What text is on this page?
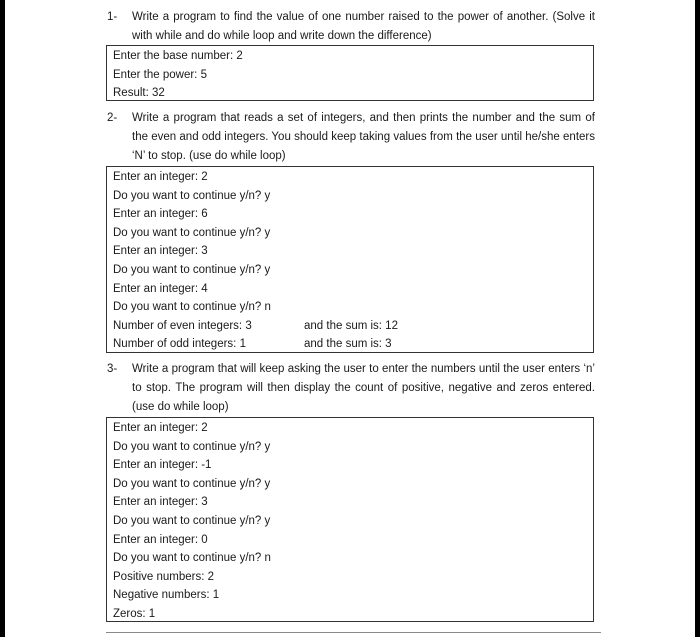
1- Write a program to find the value of one number raised to the power of another. (Solve it with while and do while loop and write down the difference)
Enter the base number: 2
Enter the power: 5
Result: 32
2- Write a program that reads a set of integers, and then prints the number and the sum of the even and odd integers. You should keep taking values from the user until he/she enters ‘N’ to stop. (use do while loop)
Enter an integer: 2
Do you want to continue y/n? y
Enter an integer: 6
Do you want to continue y/n? y
Enter an integer: 3
Do you want to continue y/n? y
Enter an integer: 4
Do you want to continue y/n? n
Number of even integers: 3	and the sum is: 12
Number of odd integers: 1	and the sum is: 3
3- Write a program that will keep asking the user to enter the numbers until the user enters ‘n’ to stop. The program will then display the count of positive, negative and zeros entered. (use do while loop)
Enter an integer: 2
Do you want to continue y/n? y
Enter an integer: -1
Do you want to continue y/n? y
Enter an integer: 3
Do you want to continue y/n? y
Enter an integer: 0
Do you want to continue y/n? n
Positive numbers: 2
Negative numbers: 1
Zeros: 1
